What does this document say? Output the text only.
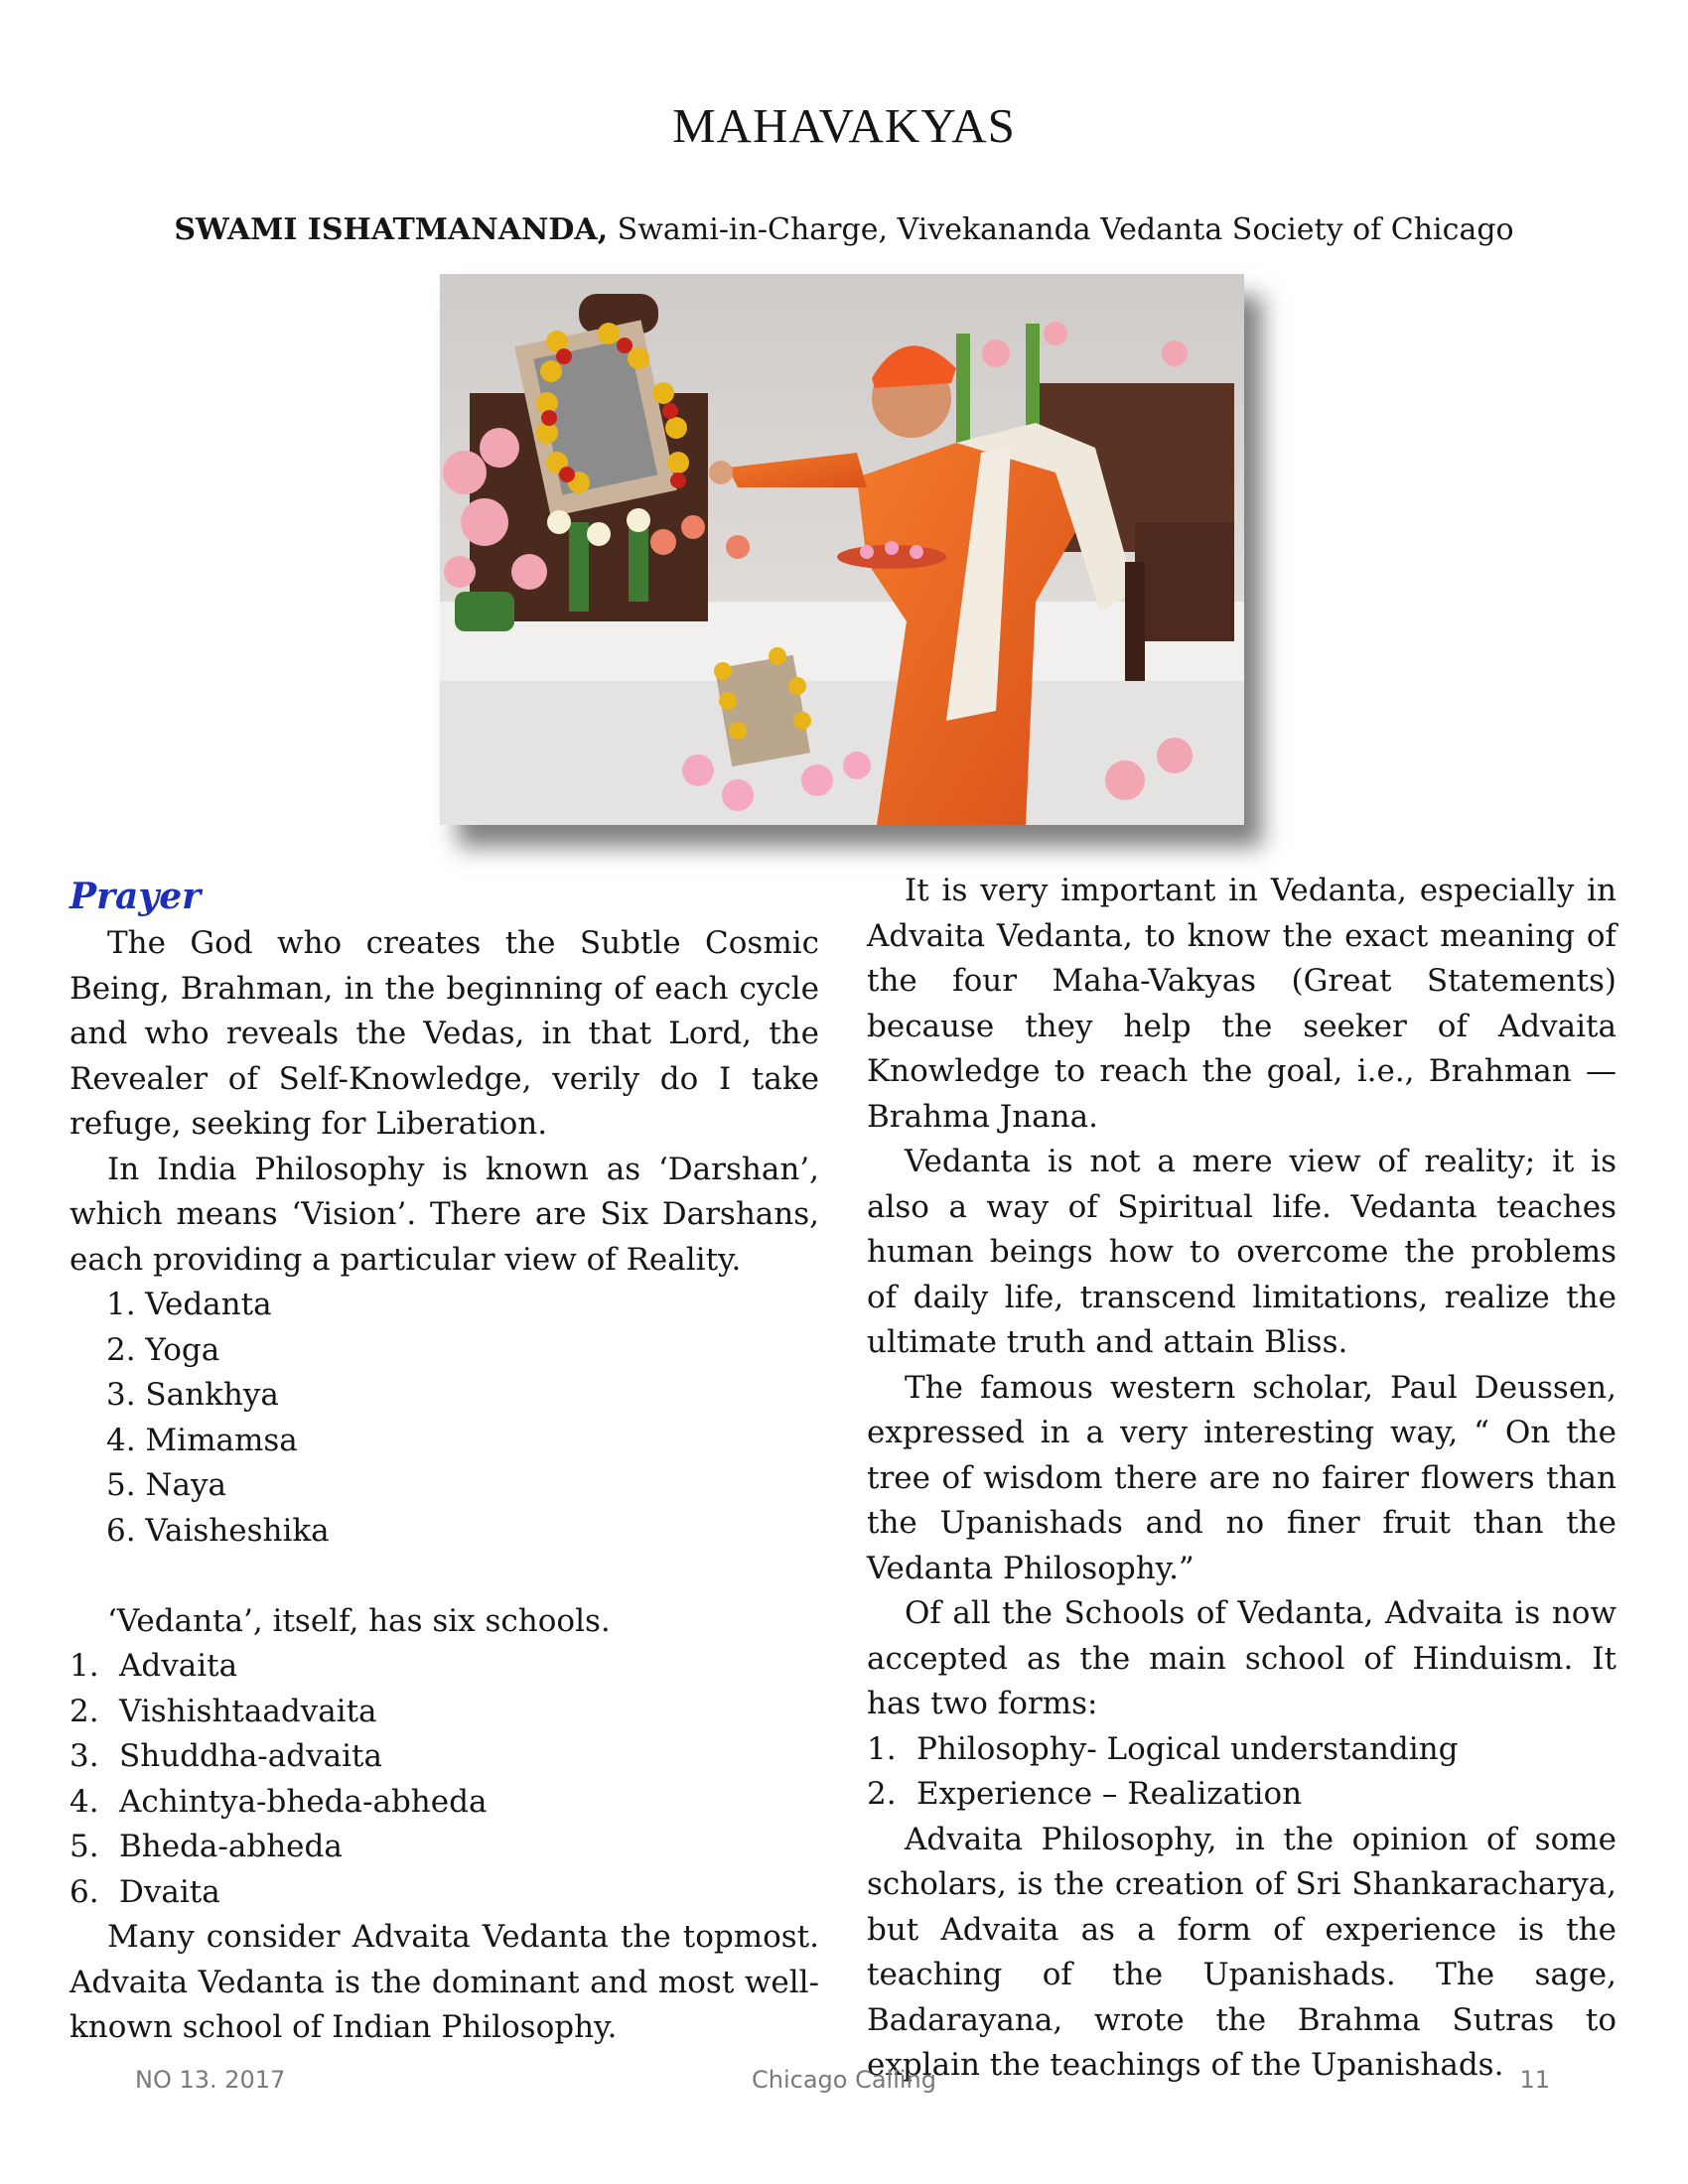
MAHAVAKYAS

SWAMI ISHATMANANDA, Swami-in-Charge, Vivekananda Vedanta Society of Chicago

Prayer

The God who creates the Subtle Cosmic Being, Brahman, in the beginning of each cycle and who reveals the Vedas, in that Lord, the Revealer of Self-Knowledge, verily do I take refuge, seeking for Liberation.

In India Philosophy is known as ‘Darshan’, which means ‘Vision’. There are Six Darshans, each providing a particular view of Reality.

1. Vedanta
2. Yoga
3. Sankhya
4. Mimamsa
5. Naya
6. Vaisheshika

‘Vedanta’, itself, has six schools.

1. Advaita
2. Vishishtaadvaita
3. Shuddha-advaita
4. Achintya-bheda-abheda
5. Bheda-abheda
6. Dvaita

Many consider Advaita Vedanta the topmost. Advaita Vedanta is the dominant and most well-known school of Indian Philosophy.

It is very important in Vedanta, especially in Advaita Vedanta, to know the exact meaning of the four Maha-Vakyas (Great Statements) because they help the seeker of Advaita Knowledge to reach the goal, i.e., Brahman — Brahma Jnana.

Vedanta is not a mere view of reality; it is also a way of Spiritual life. Vedanta teaches human beings how to overcome the problems of daily life, transcend limitations, realize the ultimate truth and attain Bliss.

The famous western scholar, Paul Deussen, expressed in a very interesting way, “ On the tree of wisdom there are no fairer flowers than the Upanishads and no finer fruit than the Vedanta Philosophy.”

Of all the Schools of Vedanta, Advaita is now accepted as the main school of Hinduism. It has two forms:

1. Philosophy- Logical understanding
2. Experience – Realization

Advaita Philosophy, in the opinion of some scholars, is the creation of Sri Shankaracharya, but Advaita as a form of experience is the teaching of the Upanishads. The sage, Badarayana, wrote the Brahma Sutras to explain the teachings of the Upanishads.

NO 13. 2017	Chicago Calling	11
